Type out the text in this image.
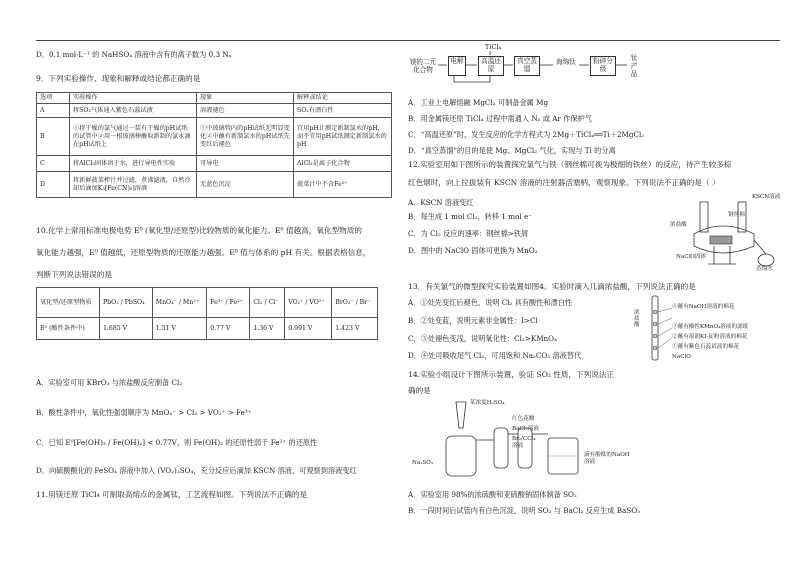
D．0.1 mol·L⁻¹ 的 NaHSO₄ 溶液中含有的离子数为 0.3 Nₐ
9．下列实验操作、现象和解释或结论都正确的是
选项	实验操作	现象	解释或结论
A	将SO₂气体通入紫色石蕊试液	溶液褪色	SO₂有漂白性
B	①将干燥的氯气通过一装有干燥的pH试纸的试管中②用一根玻璃棒蘸取新制的氯水滴在pH试纸上	①中玻璃管内的pH试纸无明显变化②中蘸有新制氯水的pH试纸先变红后褪色	宜用pH计测定新制氯水的pH，而不宜用pH试纸测定新制氯水的pH
C	将AlCl₃固体溶于水，进行导电性实验	可导电	AlCl₃是离子化合物
D	将新鲜菠菜榨汁并过滤，煮沸滤液，自然冷却后滴加K₃[Fe(CN)₆]溶液	无蓝色沉淀	菠菜汁中不含Fe²⁺
10.化学上常用标准电极电势 E⁰ (氧化型/还原型)比较物质的氧化能力。E⁰ 值越高，氧化型物质的
氧化能力越强，E⁰ 值越低，还原型物质的还原能力越强。E⁰ 值与体系的 pH 有关。根据表格信息，
判断下列说法错误的是
氧化型/还原型物质	PbO₂ / PbSO₄	MnO₄⁻ / Mn²⁺	Fe³⁺ / Fe²⁺	Cl₂ / Cl⁻	VO₂⁺ / VO²⁺	BrO₃⁻ / Br⁻
E⁰ (酸性条件中)	1.685 V	1.51 V	0.77 V	1.36 V	0.991 V	1.423 V
A．实验室可用 KBrO₃ 与浓盐酸反应制备 Cl₂
B．酸性条件中，氧化性强弱顺序为 MnO₄⁻ > Cl₂ > VO₂⁺ > Fe³⁺
C．已知 E⁰[Fe(OH)₃ / Fe(OH)₂] < 0.77V，则 Fe(OH)₂ 的还原性弱于 Fe²⁺ 的还原性
D．向硫酸酸化的 FeSO₄ 溶液中加入 (VO₂)₂SO₄，充分反应后滴加 KSCN 溶液，可观察到溶液变红
11.用镁还原 TiCl₄ 可制取高熔点的金属钛，工艺流程如图。下列说法不正确的是
镁的二元化合物
TiCl₄
电解	高温还原
真空蒸馏
海绵钛	粉碎分级
钛产品
A．工业上电解熔融 MgCl₂ 可制备金属 Mg
B．用金属镁还原 TiCl₄ 过程中需通入 N₂ 或 Ar 作保护气
C．“高温还原”时，发生反应的化学方程式为 2Mg＋TiCl₄══Ti＋2MgCl₂
D．“真空蒸馏”的目的是使 Mg、MgCl₂ 气化，实现与 Ti 的分离
12.实验室用如下图所示的装置探究氯气与铁（钢丝棉可视为极细的铁丝）的反应，待产生较多棕
红色烟时，向上拉拔装有 KSCN 溶液的注射器活塞柄，观察现象。下列说法不正确的是（ ）
A．KSCN 溶液变红
B．每生成 1 mol Cl₂，转移 1 mol e⁻
C．为 Cl₂ 反应的速率：钢丝棉>铁屑
D．图中的 NaClO 固体可更换为 MnO₂
浓盐酸
KSCN溶液
钢丝棉
NaClO固体
蒸馏水
13．有关氯气的微型探究实验装置如图4。实验时滴入几滴浓盐酸，下列说法正确的是
A．①处先变红后褪色，说明 Cl₂ 具有酸性和漂白性
B．②处变蓝，说明元素非金属性：I>Cl
C．③处褪色变浅，说明氧化性：Cl₂>KMnO₄
D．④处可吸收尾气 Cl₂，可用饱和 Na₂CO₃ 溶液替代
浓盐酸
①蘸有紫色石蕊试液的棉花
②蘸有湿润KI-淀粉溶液的棉花
③蘸有酸性KMnO₄溶液的滤纸
④蘸有NaOH溶液的棉花
NaClO
14.实验小组设计下图所示装置，验证 SO₂ 性质，下列说法正
确的是
某浓度H₂SO₄
Na₂SO₃
红色花瓣
BaCl₂溶液
Br₂/CCl₄溶液
滴有酚酞的NaOH溶液
A．实验室用 98%的浓硫酸和亚硫酸钠固体制备 SO₂
B．一段时间后试管内有白色沉淀，说明 SO₂ 与 BaCl₂ 反应生成 BaSO₃
